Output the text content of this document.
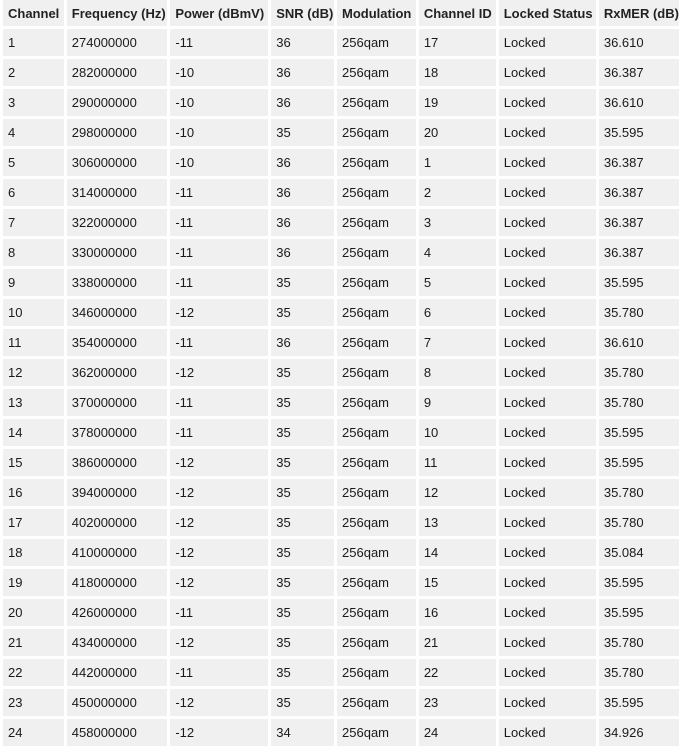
Channel	Frequency (Hz)	Power (dBmV)	SNR (dB)	Modulation	Channel ID	Locked Status	RxMER (dB)
1	274000000	-11	36	256qam	17	Locked	36.610
2	282000000	-10	36	256qam	18	Locked	36.387
3	290000000	-10	36	256qam	19	Locked	36.610
4	298000000	-10	35	256qam	20	Locked	35.595
5	306000000	-10	36	256qam	1	Locked	36.387
6	314000000	-11	36	256qam	2	Locked	36.387
7	322000000	-11	36	256qam	3	Locked	36.387
8	330000000	-11	36	256qam	4	Locked	36.387
9	338000000	-11	35	256qam	5	Locked	35.595
10	346000000	-12	35	256qam	6	Locked	35.780
11	354000000	-11	36	256qam	7	Locked	36.610
12	362000000	-12	35	256qam	8	Locked	35.780
13	370000000	-11	35	256qam	9	Locked	35.780
14	378000000	-11	35	256qam	10	Locked	35.595
15	386000000	-12	35	256qam	11	Locked	35.595
16	394000000	-12	35	256qam	12	Locked	35.780
17	402000000	-12	35	256qam	13	Locked	35.780
18	410000000	-12	35	256qam	14	Locked	35.084
19	418000000	-12	35	256qam	15	Locked	35.595
20	426000000	-11	35	256qam	16	Locked	35.595
21	434000000	-12	35	256qam	21	Locked	35.780
22	442000000	-11	35	256qam	22	Locked	35.780
23	450000000	-12	35	256qam	23	Locked	35.595
24	458000000	-12	34	256qam	24	Locked	34.926
